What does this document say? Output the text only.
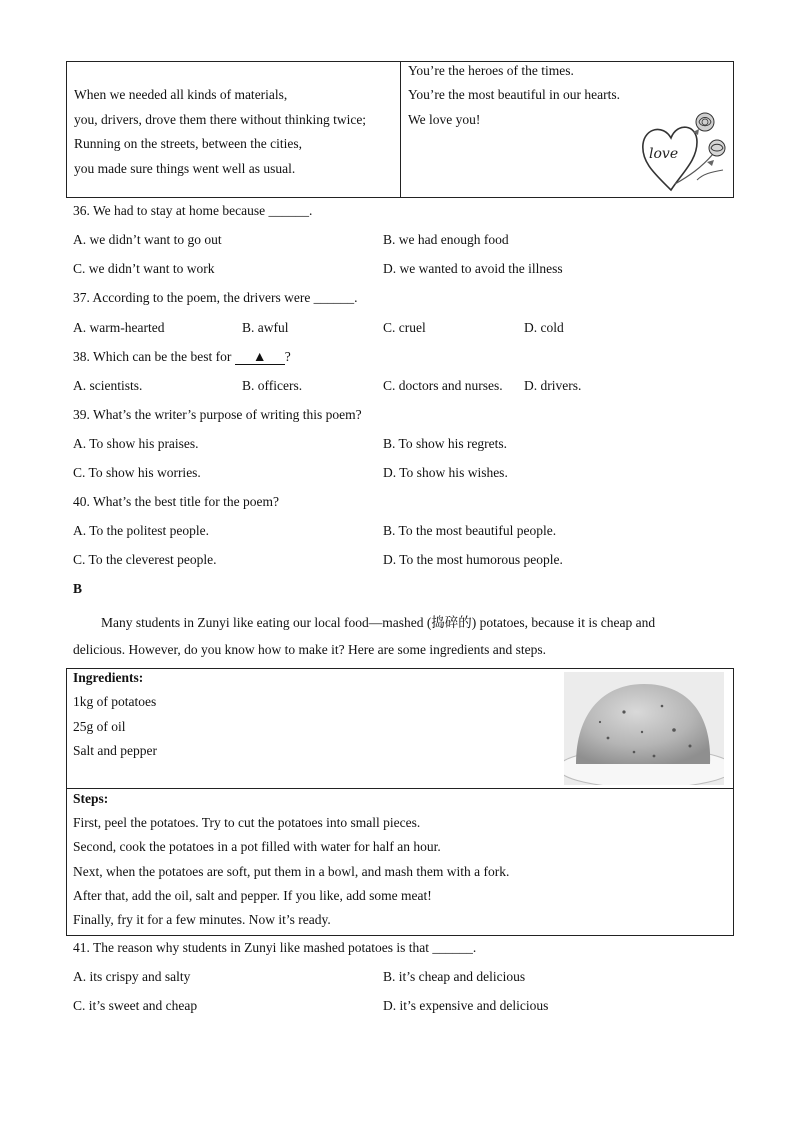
When we needed all kinds of materials,
you, drivers, drove them there without thinking twice;
Running on the streets, between the cities,
you made sure things went well as usual.
You’re the heroes of the times.
You’re the most beautiful in our hearts.
We love you!
love
36. We had to stay at home because ______.
A. we didn’t want to go out	B. we had enough food
C. we didn’t want to work	D. we wanted to avoid the illness
37. According to the poem, the drivers were ______.
A. warm-hearted	B. awful	C. cruel	D. cold
38. Which can be the best for ▲ ?
A. scientists.	B. officers.	C. doctors and nurses. D. drivers.
39. What’s the writer’s purpose of writing this poem?
A. To show his praises.	B. To show his regrets.
C. To show his worries.	D. To show his wishes.
40. What’s the best title for the poem?
A. To the politest people.	B. To the most beautiful people.
C. To the cleverest people.	D. To the most humorous people.
B
Many students in Zunyi like eating our local food—mashed (捣碎的) potatoes, because it is cheap and
delicious. However, do you know how to make it? Here are some ingredients and steps.
Ingredients:
1kg of potatoes
25g of oil
Salt and pepper
Steps:
First, peel the potatoes. Try to cut the potatoes into small pieces.
Second, cook the potatoes in a pot filled with water for half an hour.
Next, when the potatoes are soft, put them in a bowl, and mash them with a fork.
After that, add the oil, salt and pepper. If you like, add some meat!
Finally, fry it for a few minutes. Now it’s ready.
41. The reason why students in Zunyi like mashed potatoes is that ______.
A. its crispy and salty	B. it’s cheap and delicious
C. it’s sweet and cheap	D. it’s expensive and delicious
